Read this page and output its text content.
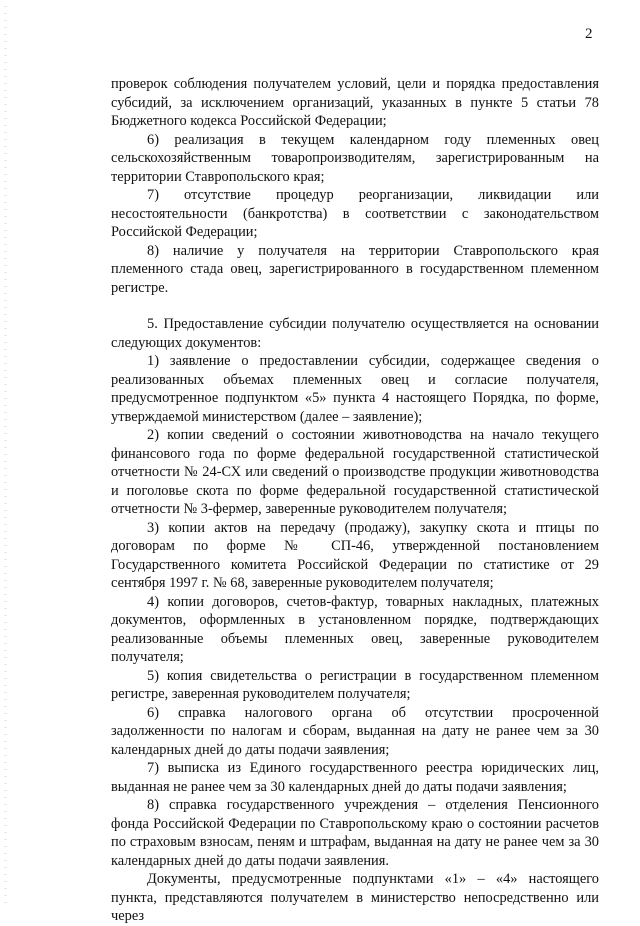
2

проверок соблюдения получателем условий, цели и порядка предоставления субсидий, за исключением организаций, указанных в пункте 5 статьи 78 Бюджетного кодекса Российской Федерации;

6) реализация в текущем календарном году племенных овец сельскохозяйственным товаропроизводителям, зарегистрированным на территории Ставропольского края;

7) отсутствие процедур реорганизации, ликвидации или несостоятельности (банкротства) в соответствии с законодательством Российской Федерации;

8) наличие у получателя на территории Ставропольского края племенного стада овец, зарегистрированного в государственном племенном регистре.

5. Предоставление субсидии получателю осуществляется на основании следующих документов:

1) заявление о предоставлении субсидии, содержащее сведения о реализованных объемах племенных овец и согласие получателя, предусмотренное подпунктом «5» пункта 4 настоящего Порядка, по форме, утверждаемой министерством (далее – заявление);

2) копии сведений о состоянии животноводства на начало текущего финансового года по форме федеральной государственной статистической отчетности № 24-СХ или сведений о производстве продукции животноводства и поголовье скота по форме федеральной государственной статистической отчетности № 3-фермер, заверенные руководителем получателя;

3) копии актов на передачу (продажу), закупку скота и птицы по договорам по форме № СП-46, утвержденной постановлением Государственного комитета Российской Федерации по статистике от 29 сентября 1997 г. № 68, заверенные руководителем получателя;

4) копии договоров, счетов-фактур, товарных накладных, платежных документов, оформленных в установленном порядке, подтверждающих реализованные объемы племенных овец, заверенные руководителем получателя;

5) копия свидетельства о регистрации в государственном племенном регистре, заверенная руководителем получателя;

6) справка налогового органа об отсутствии просроченной задолженности по налогам и сборам, выданная на дату не ранее чем за 30 календарных дней до даты подачи заявления;

7) выписка из Единого государственного реестра юридических лиц, выданная не ранее чем за 30 календарных дней до даты подачи заявления;

8) справка государственного учреждения – отделения Пенсионного фонда Российской Федерации по Ставропольскому краю о состоянии расчетов по страховым взносам, пеням и штрафам, выданная на дату не ранее чем за 30 календарных дней до даты подачи заявления.

Документы, предусмотренные подпунктами «1» – «4» настоящего пункта, представляются получателем в министерство непосредственно или через
